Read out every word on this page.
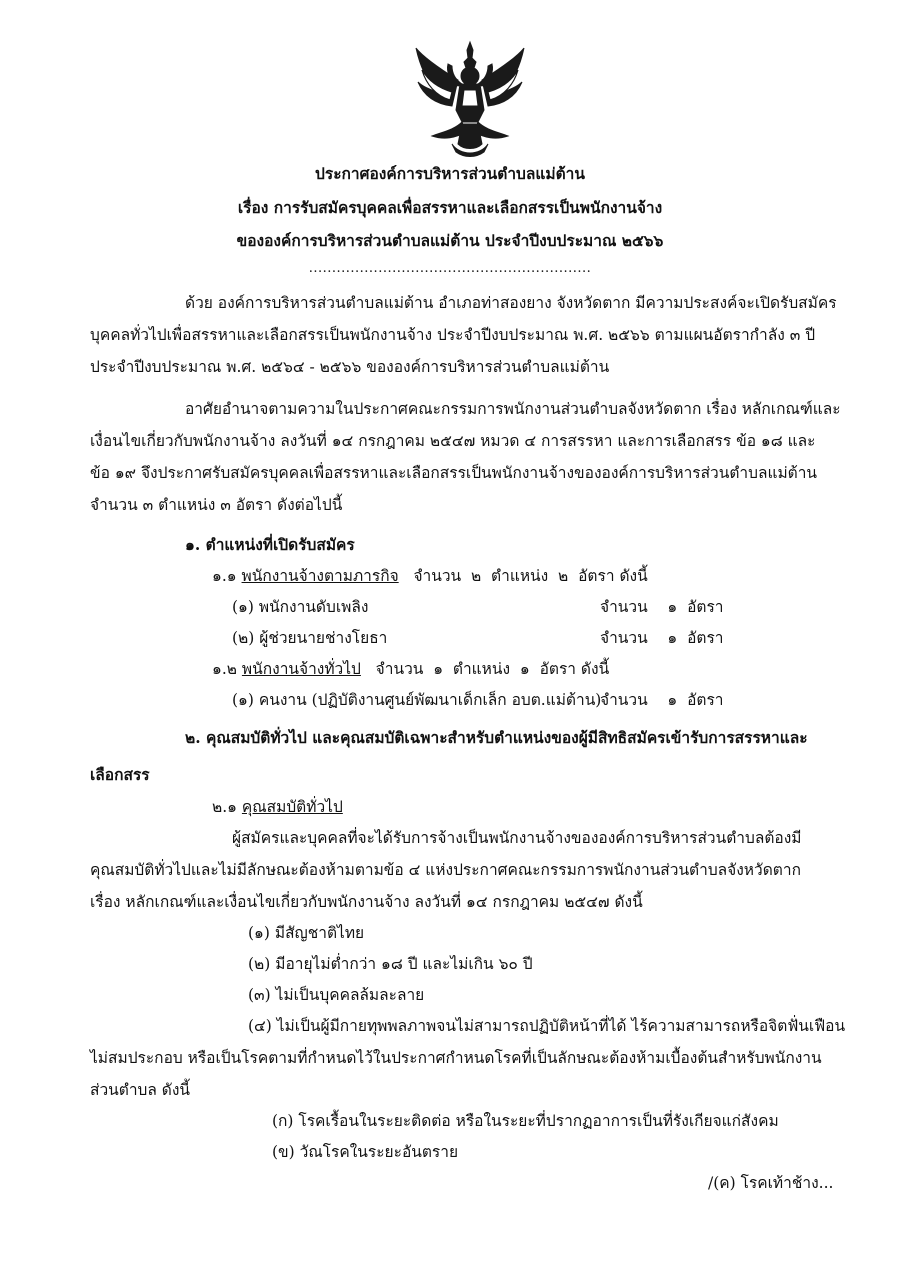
ประกาศองค์การบริหารส่วนตำบลแม่ต้าน
เรื่อง การรับสมัครบุคคลเพื่อสรรหาและเลือกสรรเป็นพนักงานจ้าง
ขององค์การบริหารส่วนตำบลแม่ต้าน ประจำปีงบประมาณ ๒๕๖๖
.............................................................
ด้วย องค์การบริหารส่วนตำบลแม่ต้าน อำเภอท่าสองยาง จังหวัดตาก มีความประสงค์จะเปิดรับสมัคร
บุคคลทั่วไปเพื่อสรรหาและเลือกสรรเป็นพนักงานจ้าง ประจำปีงบประมาณ พ.ศ. ๒๕๖๖ ตามแผนอัตรากำลัง ๓ ปี
ประจำปีงบประมาณ พ.ศ. ๒๕๖๔ - ๒๕๖๖ ขององค์การบริหารส่วนตำบลแม่ต้าน
อาศัยอำนาจตามความในประกาศคณะกรรมการพนักงานส่วนตำบลจังหวัดตาก เรื่อง หลักเกณฑ์และ
เงื่อนไขเกี่ยวกับพนักงานจ้าง ลงวันที่ ๑๔ กรกฎาคม ๒๕๔๗ หมวด ๔ การสรรหา และการเลือกสรร ข้อ ๑๘ และ
ข้อ ๑๙ จึงประกาศรับสมัครบุคคลเพื่อสรรหาและเลือกสรรเป็นพนักงานจ้างขององค์การบริหารส่วนตำบลแม่ต้าน
จำนวน ๓ ตำแหน่ง ๓ อัตรา ดังต่อไปนี้
๑. ตำแหน่งที่เปิดรับสมัคร
๑.๑ พนักงานจ้างตามภารกิจ   จำนวน  ๒  ตำแหน่ง  ๒  อัตรา ดังนี้
(๑) พนักงานดับเพลิง	จำนวน    ๑  อัตรา
(๒) ผู้ช่วยนายช่างโยธา	จำนวน    ๑  อัตรา
๑.๒ พนักงานจ้างทั่วไป   จำนวน  ๑  ตำแหน่ง  ๑  อัตรา ดังนี้
(๑) คนงาน (ปฏิบัติงานศูนย์พัฒนาเด็กเล็ก อบต.แม่ต้าน)
จำนวน    ๑  อัตรา
๒. คุณสมบัติทั่วไป และคุณสมบัติเฉพาะสำหรับตำแหน่งของผู้มีสิทธิสมัครเข้ารับการสรรหาและ
เลือกสรร
๒.๑ คุณสมบัติทั่วไป
ผู้สมัครและบุคคลที่จะได้รับการจ้างเป็นพนักงานจ้างขององค์การบริหารส่วนตำบลต้องมี
คุณสมบัติทั่วไปและไม่มีลักษณะต้องห้ามตามข้อ ๔ แห่งประกาศคณะกรรมการพนักงานส่วนตำบลจังหวัดตาก
เรื่อง หลักเกณฑ์และเงื่อนไขเกี่ยวกับพนักงานจ้าง ลงวันที่ ๑๔ กรกฎาคม ๒๕๔๗ ดังนี้
(๑) มีสัญชาติไทย
(๒) มีอายุไม่ต่ำกว่า ๑๘ ปี และไม่เกิน ๖๐ ปี
(๓) ไม่เป็นบุคคลล้มละลาย
(๔) ไม่เป็นผู้มีกายทุพพลภาพจนไม่สามารถปฏิบัติหน้าที่ได้ ไร้ความสามารถหรือจิตฟั่นเฟือน
ไม่สมประกอบ หรือเป็นโรคตามที่กำหนดไว้ในประกาศกำหนดโรคที่เป็นลักษณะต้องห้ามเบื้องต้นสำหรับพนักงาน
ส่วนตำบล ดังนี้
(ก) โรคเรื้อนในระยะติดต่อ หรือในระยะที่ปรากฏอาการเป็นที่รังเกียจแก่สังคม
(ข) วัณโรคในระยะอันตราย
/(ค) โรคเท้าช้าง...
